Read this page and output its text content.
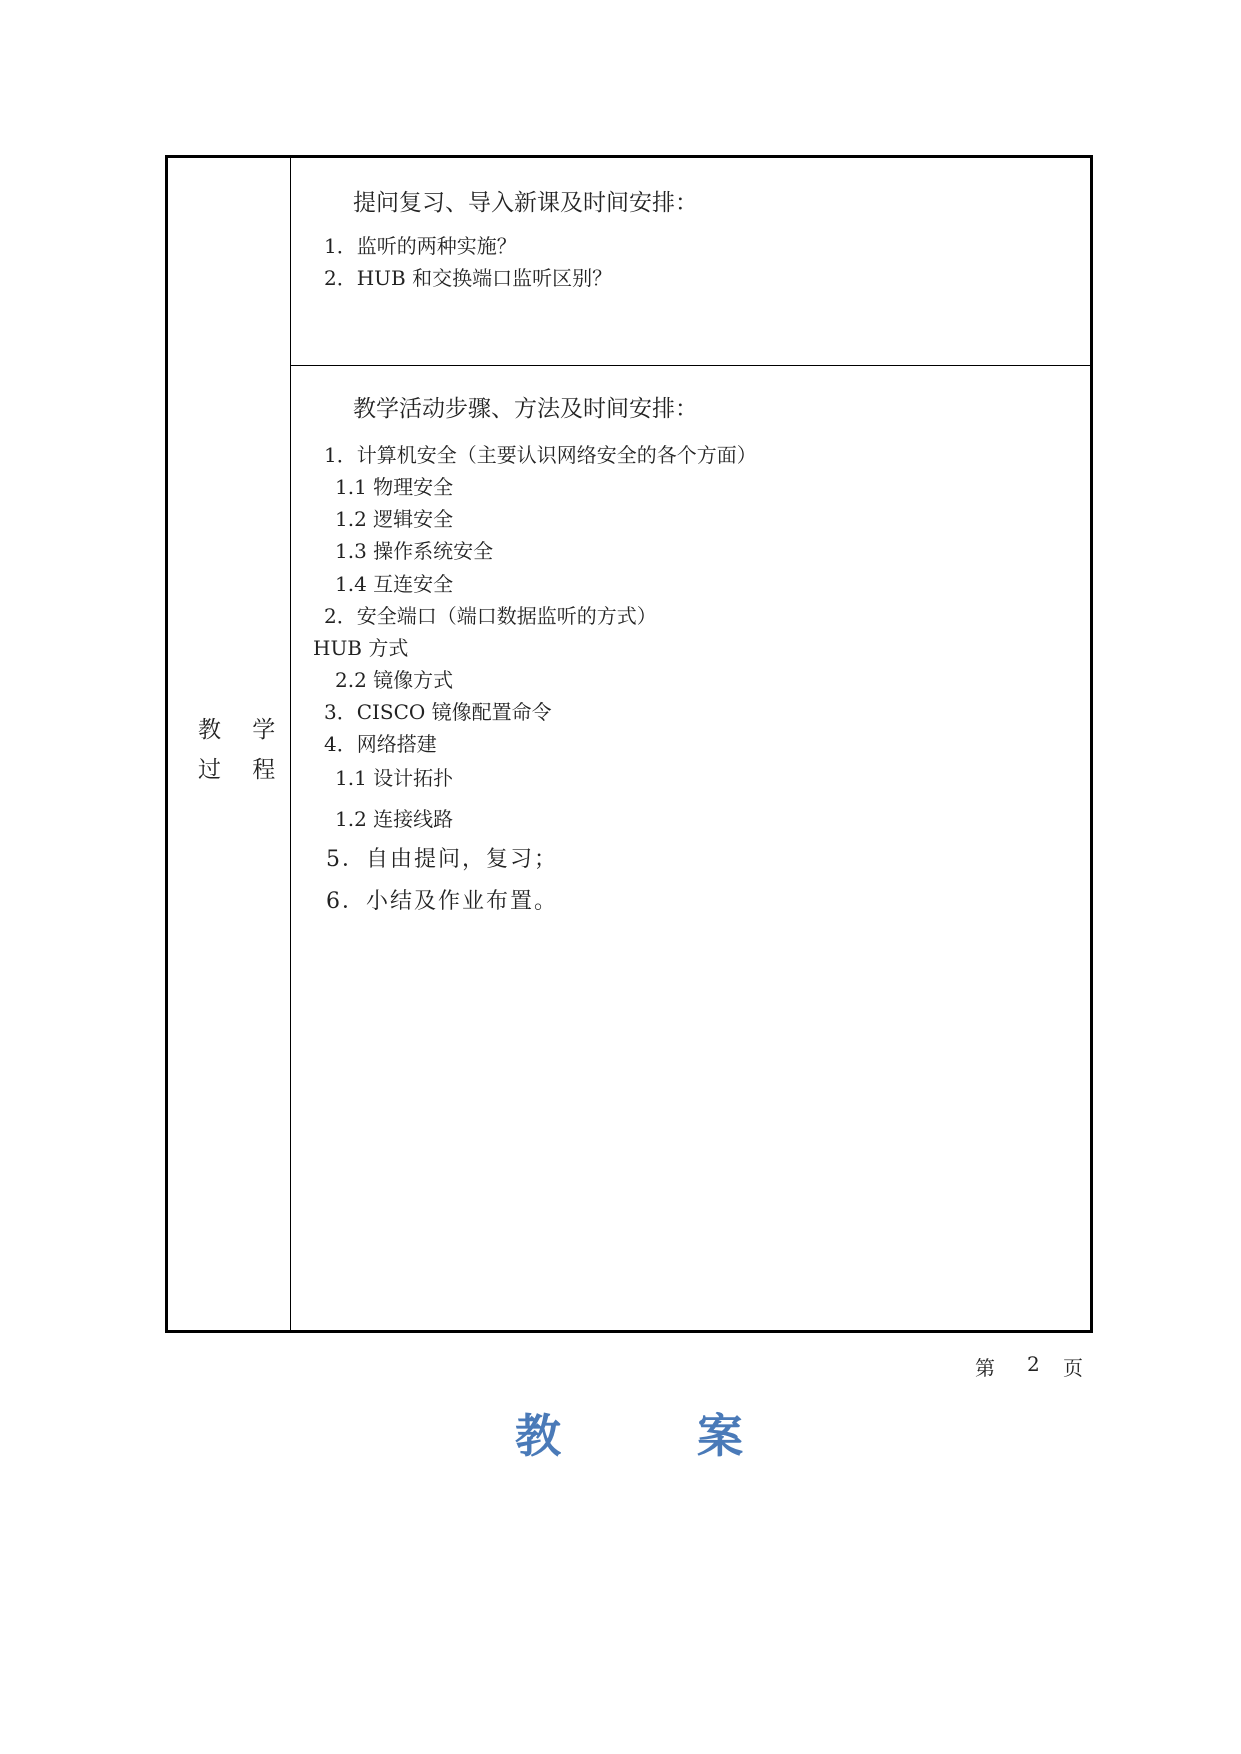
教 学
过 程
提问复习、导入新课及时间安排：
1．监听的两种实施？
2．HUB 和交换端口监听区别？
教学活动步骤、方法及时间安排：
1．计算机安全（主要认识网络安全的各个方面）
1.1 物理安全
1.2 逻辑安全
1.3 操作系统安全
1.4 互连安全
2．安全端口（端口数据监听的方式）
HUB 方式
2.2 镜像方式
3．CISCO 镜像配置命令
4．网络搭建
1.1 设计拓扑
1.2 连接线路
5．自由提问，复习；
6．小结及作业布置。
第 2 页
教	案
